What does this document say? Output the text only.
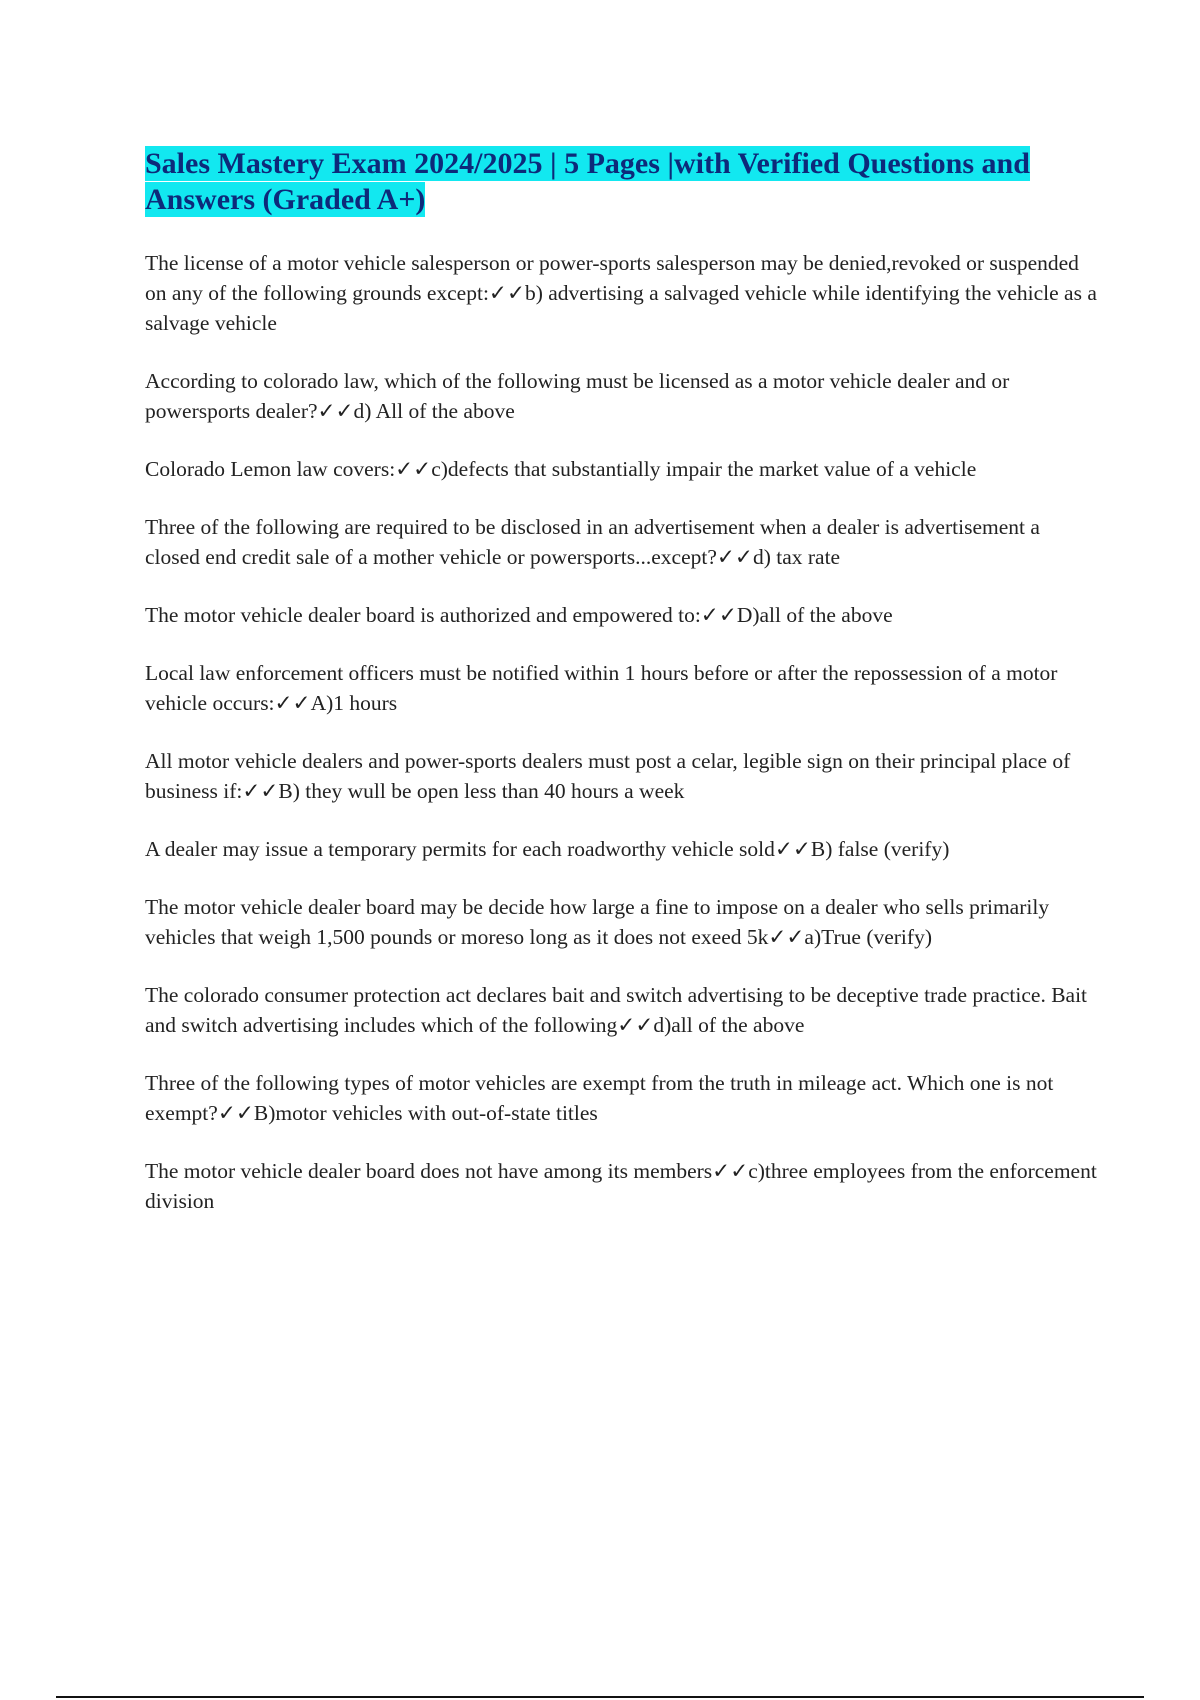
Sales Mastery Exam 2024/2025 | 5 Pages |with Verified Questions and Answers (Graded A+)
The license of a motor vehicle salesperson or power-sports salesperson may be denied,revoked or suspended on any of the following grounds except:✓✓b) advertising a salvaged vehicle while identifying the vehicle as a salvage vehicle
According to colorado law, which of the following must be licensed as a motor vehicle dealer and or powersports dealer?✓✓d) All of the above
Colorado Lemon law covers:✓✓c)defects that substantially impair the market value of a vehicle
Three of the following are required to be disclosed in an advertisement when a dealer is advertisement a closed end credit sale of a mother vehicle or powersports...except?✓✓d) tax rate
The motor vehicle dealer board is authorized and empowered to:✓✓D)all of the above
Local law enforcement officers must be notified within 1 hours before or after the repossession of a motor vehicle occurs:✓✓A)1 hours
All motor vehicle dealers and power-sports dealers must post a celar, legible sign on their principal place of business if:✓✓B) they wull be open less than 40 hours a week
A dealer may issue a temporary permits for each roadworthy vehicle sold✓✓B) false (verify)
The motor vehicle dealer board may be decide how large a fine to impose on a dealer who sells primarily vehicles that weigh 1,500 pounds or moreso long as it does not exeed 5k✓✓a)True (verify)
The colorado consumer protection act declares bait and switch advertising to be deceptive trade practice. Bait and switch advertising includes which of the following✓✓d)all of the above
Three of the following types of motor vehicles are exempt from the truth in mileage act. Which one is not exempt?✓✓B)motor vehicles with out-of-state titles
The motor vehicle dealer board does not have among its members✓✓c)three employees from the enforcement division
